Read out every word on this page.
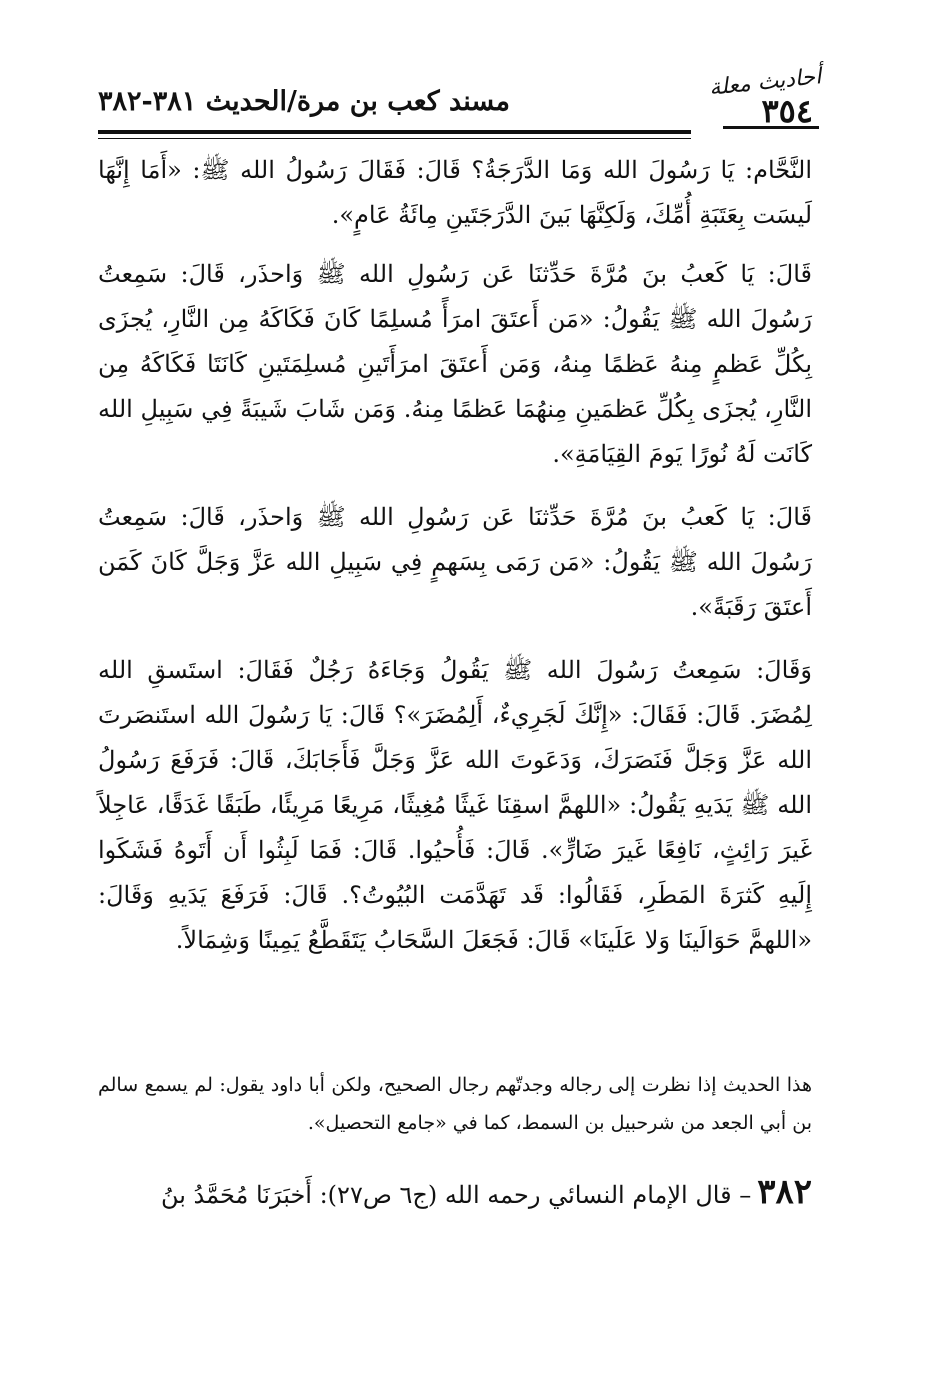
أحاديث معلة
٣٥٤
مسند كعب بن مرة/الحديث ٣٨١-٣٨٢

النَّحَّام: يَا رَسُولَ الله وَمَا الدَّرَجَةُ؟ قَالَ: فَقَالَ رَسُولُ الله ﷺ: «أَمَا إِنَّهَا لَيسَت بِعَتَبَةِ أُمِّكَ، وَلَكِنَّهَا بَينَ الدَّرَجَتَينِ مِائَةُ عَامٍ».

قَالَ: يَا كَعبُ بنَ مُرَّةَ حَدِّثنَا عَن رَسُولِ الله ﷺ وَاحذَر، قَالَ: سَمِعتُ رَسُولَ الله ﷺ يَقُولُ: «مَن أَعتَقَ امرَأً مُسلِمًا كَانَ فَكَاكَهُ مِن النَّارِ، يُجزَى بِكُلِّ عَظمٍ مِنهُ عَظمًا مِنهُ، وَمَن أَعتَقَ امرَأَتَينِ مُسلِمَتَينِ كَانَتَا فَكَاكَهُ مِن النَّارِ، يُجزَى بِكُلِّ عَظمَينِ مِنهُمَا عَظمًا مِنهُ. وَمَن شَابَ شَيبَةً فِي سَبِيلِ الله كَانَت لَهُ نُورًا يَومَ القِيَامَةِ».

قَالَ: يَا كَعبُ بنَ مُرَّةَ حَدِّثنَا عَن رَسُولِ الله ﷺ وَاحذَر، قَالَ: سَمِعتُ رَسُولَ الله ﷺ يَقُولُ: «مَن رَمَى بِسَهمٍ فِي سَبِيلِ الله عَزَّ وَجَلَّ كَانَ كَمَن أَعتَقَ رَقَبَةً».

وَقَالَ: سَمِعتُ رَسُولَ الله ﷺ يَقُولُ وَجَاءَهُ رَجُلٌ فَقَالَ: استَسقِ الله لِمُضَرَ. قَالَ: فَقَالَ: «إِنَّكَ لَجَرِيءٌ، أَلِمُضَرَ»؟ قَالَ: يَا رَسُولَ الله استَنصَرتَ الله عَزَّ وَجَلَّ فَنَصَرَكَ، وَدَعَوتَ الله عَزَّ وَجَلَّ فَأَجَابَكَ، قَالَ: فَرَفَعَ رَسُولُ الله ﷺ يَدَيهِ يَقُولُ: «اللهمَّ اسقِنَا غَيثًا مُغِيثًا، مَرِيعًا مَرِيئًا، طَبَقًا غَدَقًا، عَاجِلاً غَيرَ رَائِثٍ، نَافِعًا غَيرَ ضَارٍّ». قَالَ: فَأُحيُوا. قَالَ: فَمَا لَبِثُوا أَن أَتَوهُ فَشَكَوا إِلَيهِ كَثرَةَ المَطَرِ، فَقَالُوا: قَد تَهَدَّمَت البُيُوتُ؟. قَالَ: فَرَفَعَ يَدَيهِ وَقَالَ: «اللهمَّ حَوَالَينَا وَلا عَلَينَا» قَالَ: فَجَعَلَ السَّحَابُ يَتَقَطَّعُ يَمِينًا وَشِمَالاً.

هذا الحديث إذا نظرت إلى رجاله وجدتّهم رجال الصحيح، ولكن أبا داود يقول: لم يسمع سالم بن أبي الجعد من شرحبيل بن السمط، كما في «جامع التحصيل».

٣٨٢– قال الإمام النسائي رحمه الله (ج٦ ص٢٧): أَخبَرَنَا مُحَمَّدُ بنُ
